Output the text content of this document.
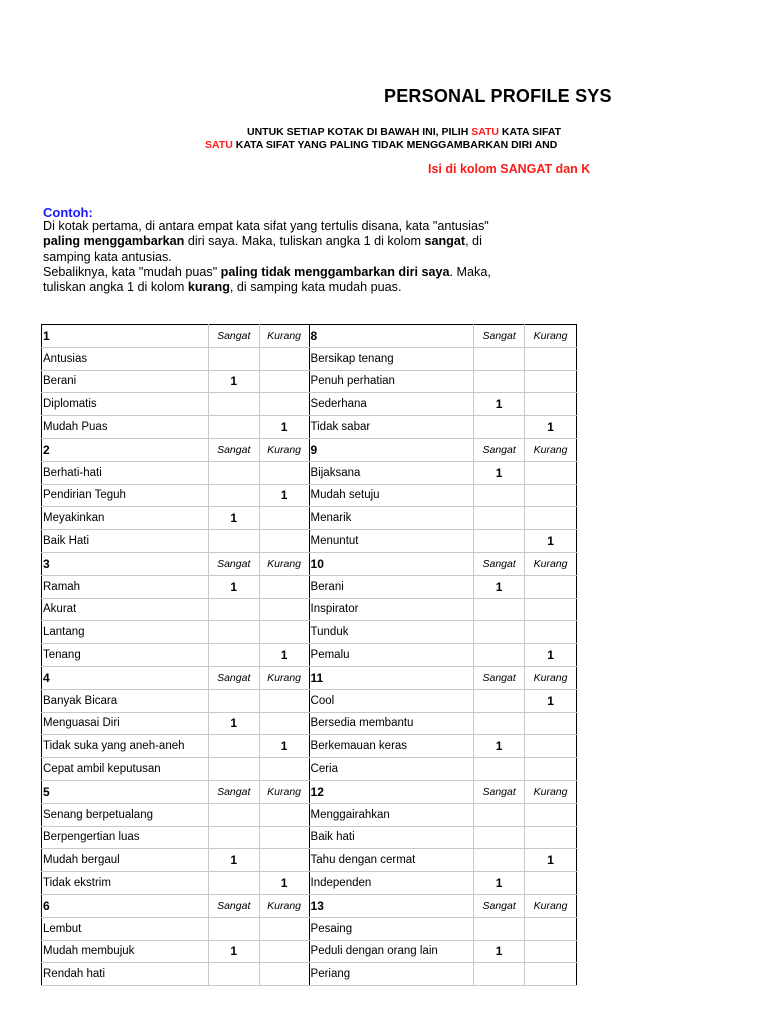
PERSONAL PROFILE SYS
UNTUK SETIAP KOTAK DI BAWAH INI, PILIH SATU KATA SIFAT
SATU KATA SIFAT YANG PALING TIDAK MENGGAMBARKAN DIRI AND
Isi di kolom SANGAT dan K
Contoh:

Di kotak pertama, di antara empat kata sifat yang tertulis disana, kata "antusias" paling menggambarkan diri saya. Maka, tuliskan angka 1 di kolom sangat, di samping kata antusias.

Sebaliknya, kata "mudah puas" paling tidak menggambarkan diri saya. Maka, tuliskan angka 1 di kolom kurang, di samping kata mudah puas.

1	Sangat	Kurang	8	Sangat	Kurang
Antusias			Bersikap tenang		
Berani	1		Penuh perhatian		
Diplomatis			Sederhana	1	
Mudah Puas		1	Tidak sabar		1
2	Sangat	Kurang	9	Sangat	Kurang
Berhati-hati			Bijaksana	1	
Pendirian Teguh		1	Mudah setuju		
Meyakinkan	1		Menarik		
Baik Hati			Menuntut		1
3	Sangat	Kurang	10	Sangat	Kurang
Ramah	1		Berani	1	
Akurat			Inspirator		
Lantang			Tunduk		
Tenang		1	Pemalu		1
4	Sangat	Kurang	11	Sangat	Kurang
Banyak Bicara			Cool		1
Menguasai Diri	1		Bersedia membantu		
Tidak suka yang aneh-aneh		1	Berkemauan keras	1	
Cepat ambil keputusan			Ceria		
5	Sangat	Kurang	12	Sangat	Kurang
Senang berpetualang			Menggairahkan		
Berpengertian luas			Baik hati		
Mudah bergaul	1		Tahu dengan cermat		1
Tidak ekstrim		1	Independen	1	
6	Sangat	Kurang	13	Sangat	Kurang
Lembut			Pesaing		
Mudah membujuk	1		Peduli dengan orang lain	1	
Rendah hati			Periang		
